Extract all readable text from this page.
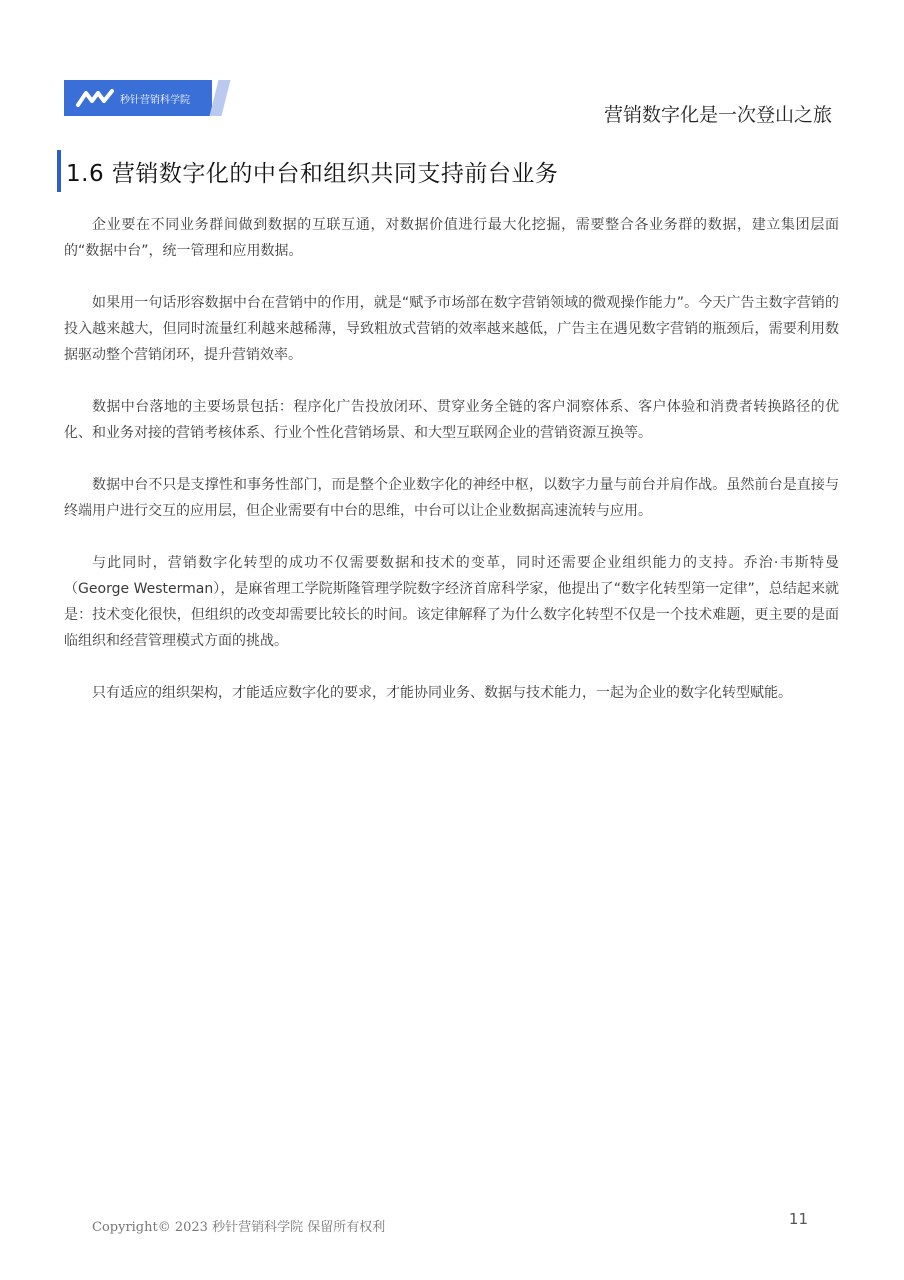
秒针营销科学院
营销数字化是一次登山之旅
1.6 营销数字化的中台和组织共同支持前台业务

企业要在不同业务群间做到数据的互联互通，对数据价值进行最大化挖掘，需要整合各业务群的数据，建立集团层面的“数据中台”，统一管理和应用数据。

如果用一句话形容数据中台在营销中的作用，就是“赋予市场部在数字营销领域的微观操作能力”。今天广告主数字营销的投入越来越大，但同时流量红利越来越稀薄，导致粗放式营销的效率越来越低，广告主在遇见数字营销的瓶颈后，需要利用数据驱动整个营销闭环，提升营销效率。

数据中台落地的主要场景包括：程序化广告投放闭环、贯穿业务全链的客户洞察体系、客户体验和消费者转换路径的优化、和业务对接的营销考核体系、行业个性化营销场景、和大型互联网企业的营销资源互换等。

数据中台不只是支撑性和事务性部门，而是整个企业数字化的神经中枢，以数字力量与前台并肩作战。虽然前台是直接与终端用户进行交互的应用层，但企业需要有中台的思维，中台可以让企业数据高速流转与应用。

与此同时，营销数字化转型的成功不仅需要数据和技术的变革，同时还需要企业组织能力的支持。乔治·韦斯特曼（George Westerman），是麻省理工学院斯隆管理学院数字经济首席科学家，他提出了“数字化转型第一定律”，总结起来就是：技术变化很快，但组织的改变却需要比较长的时间。该定律解释了为什么数字化转型不仅是一个技术难题，更主要的是面临组织和经营管理模式方面的挑战。

只有适应的组织架构，才能适应数字化的要求，才能协同业务、数据与技术能力，一起为企业的数字化转型赋能。

Copyright© 2023 秒针营销科学院 保留所有权利	11
